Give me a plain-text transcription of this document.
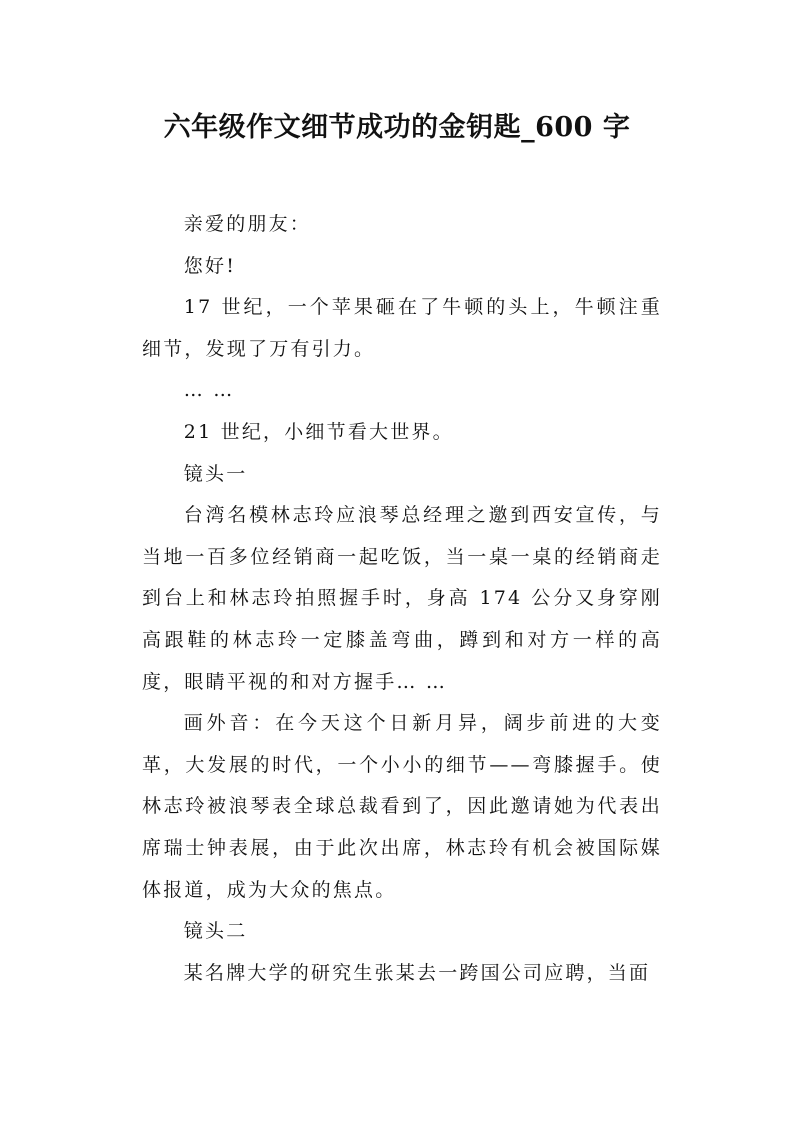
六年级作文细节成功的金钥匙_600 字

亲爱的朋友：

您好!

17 世纪，一个苹果砸在了牛顿的头上，牛顿注重细节，发现了万有引力。

… …

21 世纪，小细节看大世界。

镜头一

台湾名模林志玲应浪琴总经理之邀到西安宣传，与当地一百多位经销商一起吃饭，当一桌一桌的经销商走到台上和林志玲拍照握手时，身高 174 公分又身穿刚高跟鞋的林志玲一定膝盖弯曲，蹲到和对方一样的高度，眼睛平视的和对方握手… …

画外音：在今天这个日新月异，阔步前进的大变革，大发展的时代，一个小小的细节——弯膝握手。使林志玲被浪琴表全球总裁看到了，因此邀请她为代表出席瑞士钟表展，由于此次出席，林志玲有机会被国际媒体报道，成为大众的焦点。

镜头二

某名牌大学的研究生张某去一跨国公司应聘，当面
